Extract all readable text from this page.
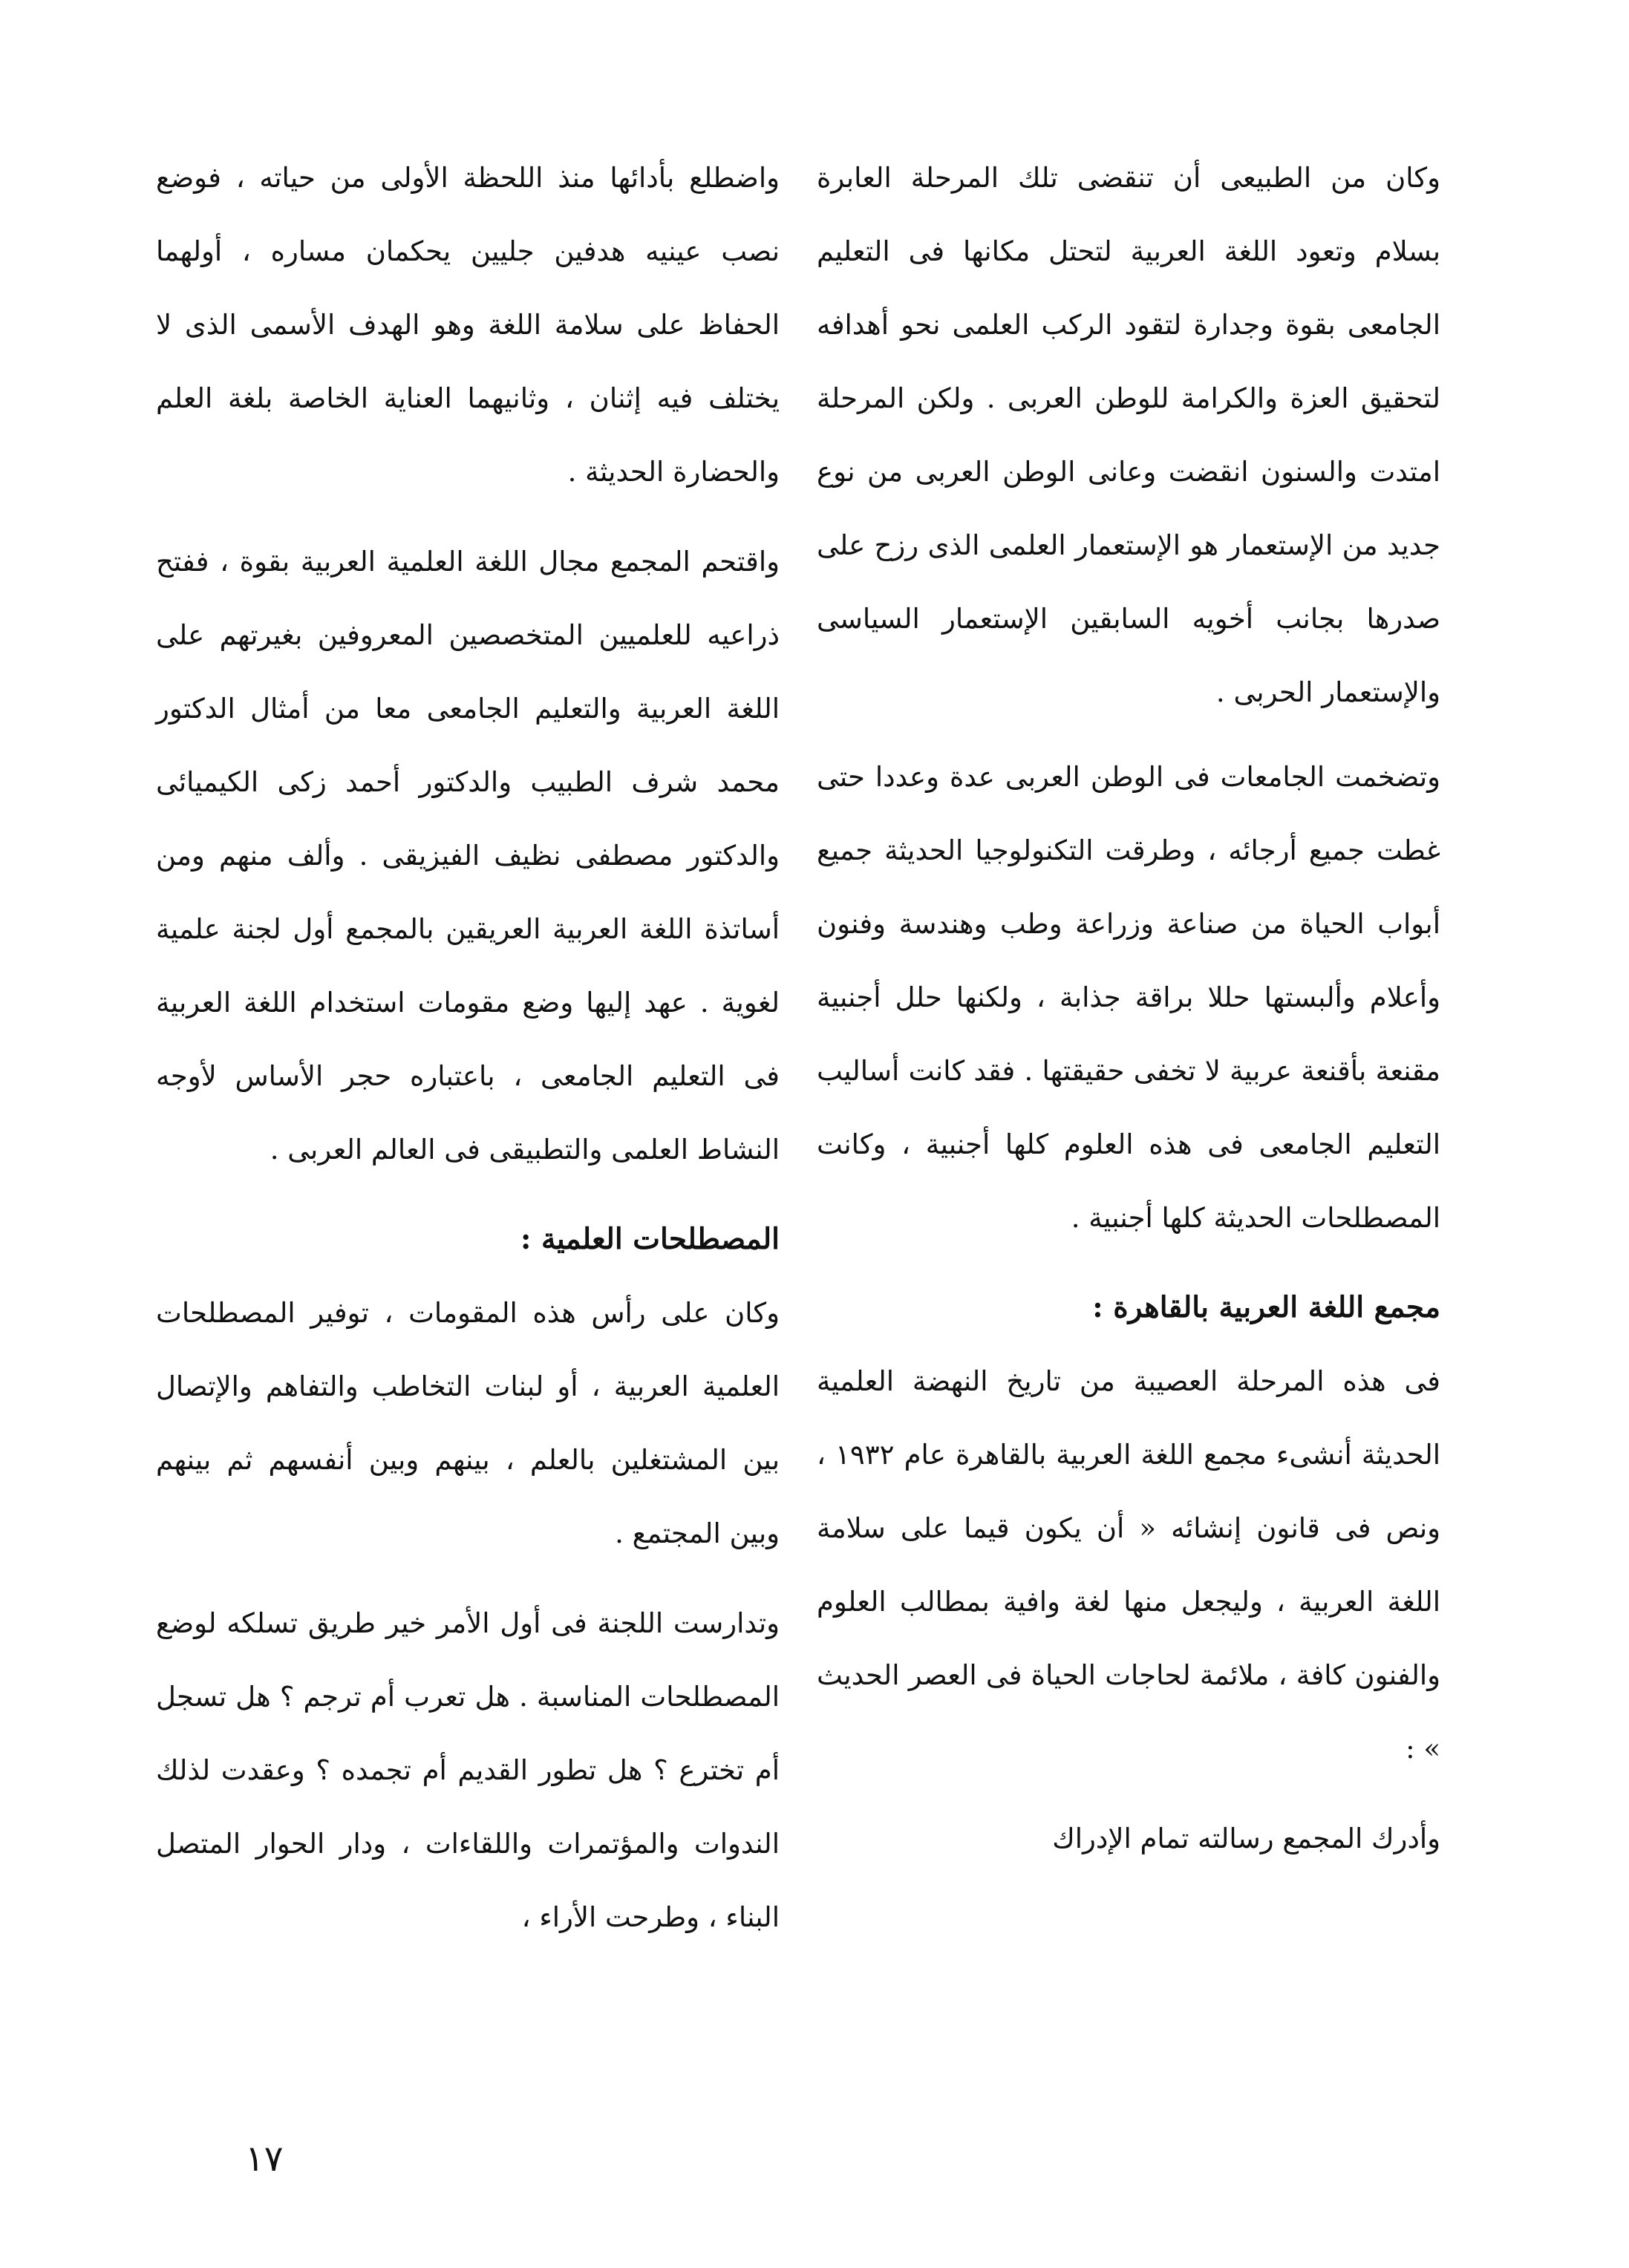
وكان من الطبيعى أن تنقضى تلك المرحلة العابرة بسلام وتعود اللغة العربية لتحتل مكانها فى التعليم الجامعى بقوة وجدارة لتقود الركب العلمى نحو أهدافه لتحقيق العزة والكرامة للوطن العربى . ولكن المرحلة امتدت والسنون انقضت وعانى الوطن العربى من نوع جديد من الإستعمار هو الإستعمار العلمى الذى رزح على صدرها بجانب أخويه السابقين الإستعمار السياسى والإستعمار الحربى .

وتضخمت الجامعات فى الوطن العربى عدة وعددا حتى غطت جميع أرجائه ، وطرقت التكنولوجيا الحديثة جميع أبواب الحياة من صناعة وزراعة وطب وهندسة وفنون وأعلام وألبستها حللا براقة جذابة ، ولكنها حلل أجنبية مقنعة بأقنعة عربية لا تخفى حقيقتها . فقد كانت أساليب التعليم الجامعى فى هذه العلوم كلها أجنبية ، وكانت المصطلحات الحديثة كلها أجنبية .

مجمع اللغة العربية بالقاهرة :

فى هذه المرحلة العصيبة من تاريخ النهضة العلمية الحديثة أنشىء مجمع اللغة العربية بالقاهرة عام ١٩٣٢ ، ونص فى قانون إنشائه « أن يكون قيما على سلامة اللغة العربية ، وليجعل منها لغة وافية بمطالب العلوم والفنون كافة ، ملائمة لحاجات الحياة فى العصر الحديث » :

وأدرك المجمع رسالته تمام الإدراك

واضطلع بأدائها منذ اللحظة الأولى من حياته ، فوضع نصب عينيه هدفين جليين يحكمان مساره ، أولهما الحفاظ على سلامة اللغة وهو الهدف الأسمى الذى لا يختلف فيه إثنان ، وثانيهما العناية الخاصة بلغة العلم والحضارة الحديثة .

واقتحم المجمع مجال اللغة العلمية العربية بقوة ، ففتح ذراعيه للعلميين المتخصصين المعروفين بغيرتهم على اللغة العربية والتعليم الجامعى معا من أمثال الدكتور محمد شرف الطبيب والدكتور أحمد زكى الكيميائى والدكتور مصطفى نظيف الفيزيقى . وألف منهم ومن أساتذة اللغة العربية العريقين بالمجمع أول لجنة علمية لغوية . عهد إليها وضع مقومات استخدام اللغة العربية فى التعليم الجامعى ، باعتباره حجر الأساس لأوجه النشاط العلمى والتطبيقى فى العالم العربى .

المصطلحات العلمية :

وكان على رأس هذه المقومات ، توفير المصطلحات العلمية العربية ، أو لبنات التخاطب والتفاهم والإتصال بين المشتغلين بالعلم ، بينهم وبين أنفسهم ثم بينهم وبين المجتمع .

وتدارست اللجنة فى أول الأمر خير طريق تسلكه لوضع المصطلحات المناسبة . هل تعرب أم ترجم ؟ هل تسجل أم تخترع ؟ هل تطور القديم أم تجمده ؟ وعقدت لذلك الندوات والمؤتمرات واللقاءات ، ودار الحوار المتصل البناء ، وطرحت الأراء ،

١٧
